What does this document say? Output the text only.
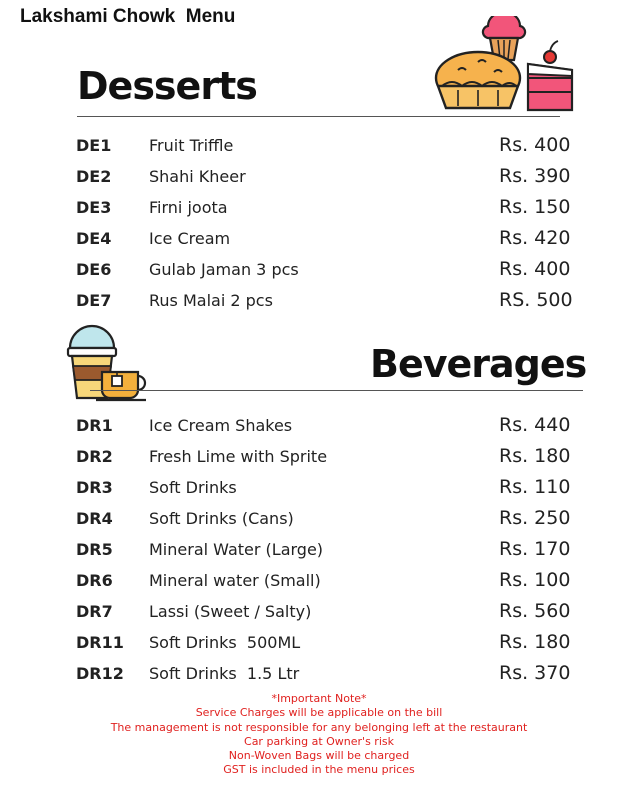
Lakshami Chowk  Menu
Desserts
DE1 Fruit Triffle	Rs. 400
DE2 Shahi Kheer	Rs. 390
DE3 Firni joota	Rs. 150
DE4 Ice Cream	Rs. 420
DE6 Gulab Jaman 3 pcs	Rs. 400
DE7 Rus Malai 2 pcs	RS. 500
Beverages
DR1 Ice Cream Shakes	Rs. 440
DR2 Fresh Lime with Sprite	Rs. 180
DR3 Soft Drinks	Rs. 110
DR4 Soft Drinks (Cans)	Rs. 250
DR5 Mineral Water (Large)	Rs. 170
DR6 Mineral water (Small)	Rs. 100
DR7 Lassi (Sweet / Salty)	Rs. 560
DR11 Soft Drinks  500ML	Rs. 180
DR12 Soft Drinks  1.5 Ltr	Rs. 370
*Important Note*
Service Charges will be applicable on the bill
The management is not responsible for any belonging left at the restaurant
Car parking at Owner's risk
Non-Woven Bags will be charged
GST is included in the menu prices
